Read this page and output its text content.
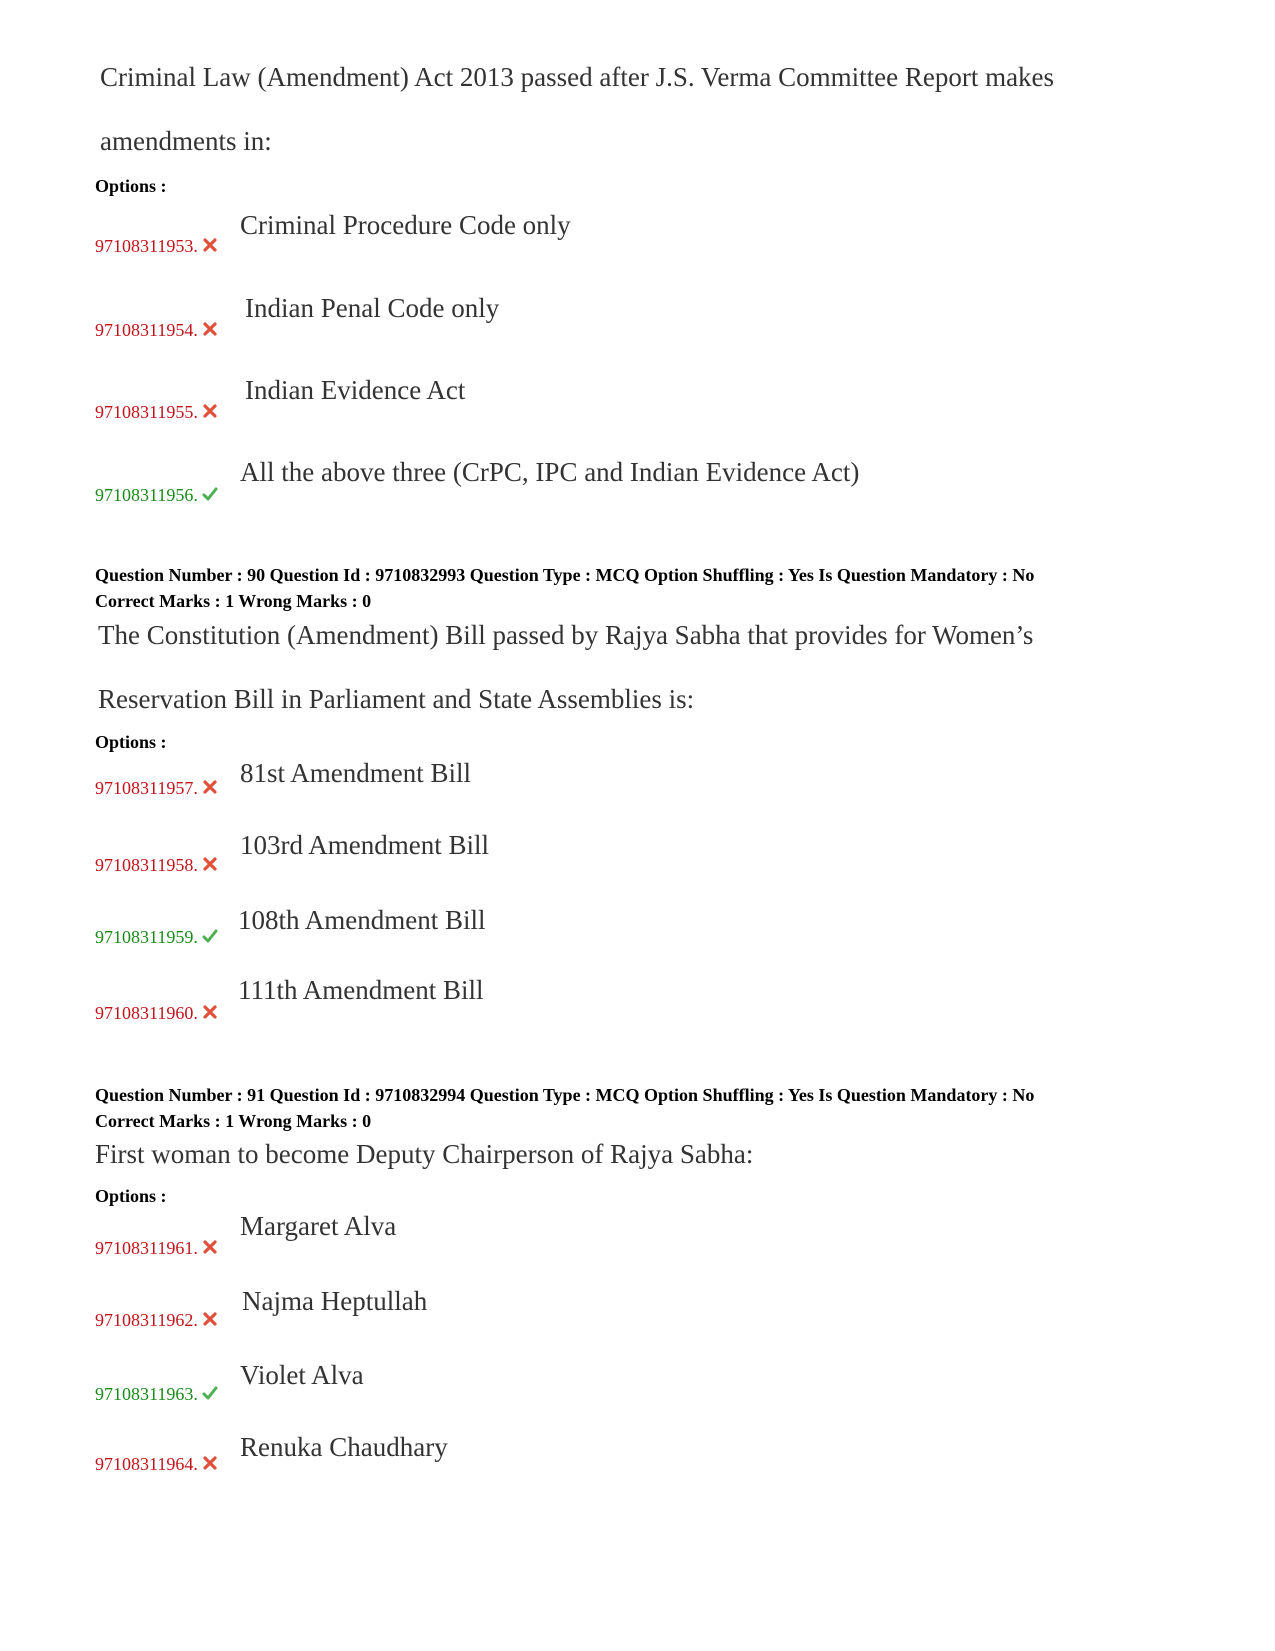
Criminal Law (Amendment) Act 2013 passed after J.S. Verma Committee Report makes
amendments in:
Options :
97108311953.
Criminal Procedure Code only
97108311954.
Indian Penal Code only
97108311955.
Indian Evidence Act
97108311956.
All the above three (CrPC, IPC and Indian Evidence Act)
Question Number : 90 Question Id : 9710832993 Question Type : MCQ Option Shuffling : Yes Is Question Mandatory : No
Correct Marks : 1 Wrong Marks : 0
The Constitution (Amendment) Bill passed by Rajya Sabha that provides for Women’s
Reservation Bill in Parliament and State Assemblies is:
Options :
97108311957.	81st Amendment Bill
97108311958.
103rd Amendment Bill
97108311959.
108th Amendment Bill
97108311960.
111th Amendment Bill
Question Number : 91 Question Id : 9710832994 Question Type : MCQ Option Shuffling : Yes Is Question Mandatory : No
Correct Marks : 1 Wrong Marks : 0
First woman to become Deputy Chairperson of Rajya Sabha:
Options :
97108311961.
Margaret Alva
97108311962.
Najma Heptullah
97108311963.
Violet Alva
97108311964.
Renuka Chaudhary
